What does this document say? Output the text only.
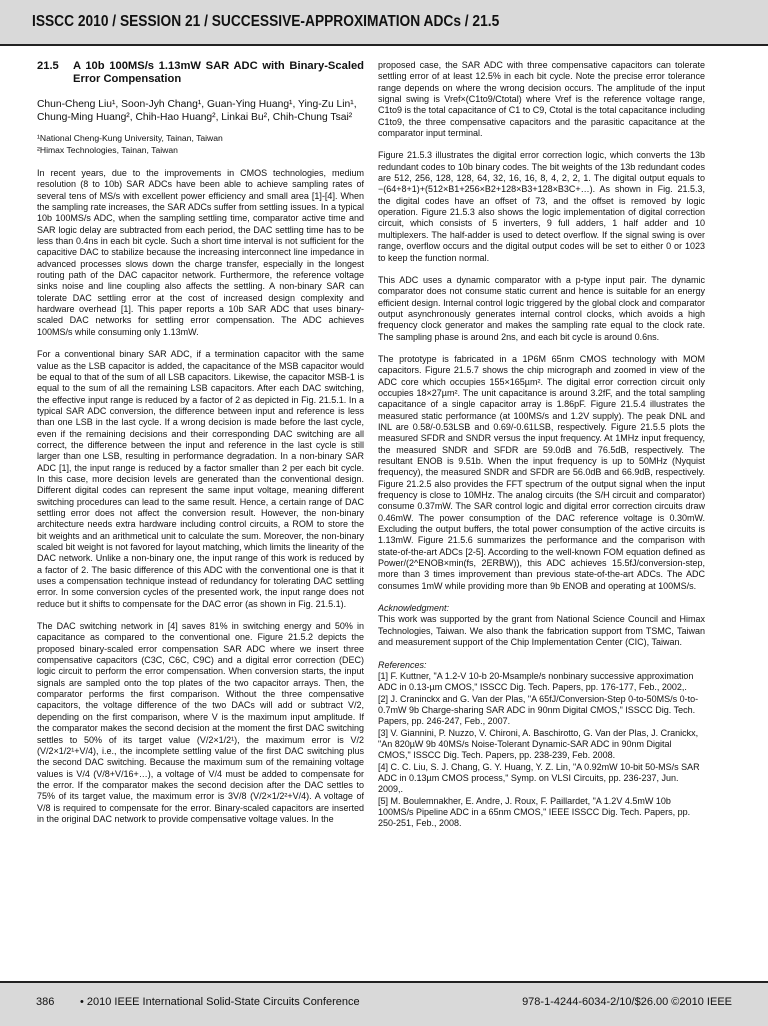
ISSCC 2010 / SESSION 21 / SUCCESSIVE-APPROXIMATION ADCs / 21.5
21.5	A 10b 100MS/s 1.13mW SAR ADC with Binary-Scaled Error Compensation
Chun-Cheng Liu¹, Soon-Jyh Chang¹, Guan-Ying Huang¹, Ying-Zu Lin¹,
Chung-Ming Huang², Chih-Hao Huang², Linkai Bu², Chih-Chung Tsai²
¹National Cheng-Kung University, Tainan, Taiwan
²Himax Technologies, Tainan, Taiwan

In recent years, due to the improvements in CMOS technologies, medium resolution (8 to 10b) SAR ADCs have been able to achieve sampling rates of several tens of MS/s with excellent power efficiency and small area [1]-[4]. When the sampling rate increases, the SAR ADCs suffer from settling issues. In a typical 10b 100MS/s ADC, when the sampling settling time, comparator active time and SAR logic delay are subtracted from each period, the DAC settling time has to be less than 0.4ns in each bit cycle. Such a short time interval is not sufficient for the capacitive DAC to stabilize because the increasing interconnect line impedance in advanced processes slows down the charge transfer, especially in the longest routing path of the DAC capacitor network. Furthermore, the reference voltage sinks noise and line coupling also affects the settling. A non-binary SAR can tolerate DAC settling error at the cost of increased design complexity and hardware overhead [1]. This paper reports a 10b SAR ADC that uses binary-scaled DAC networks for settling error compensation. The ADC achieves 100MS/s while consuming only 1.13mW.

For a conventional binary SAR ADC, if a termination capacitor with the same value as the LSB capacitor is added, the capacitance of the MSB capacitor would be equal to that of the sum of all LSB capacitors. Likewise, the capacitor MSB-1 is equal to the sum of all the remaining LSB capacitors. After each DAC switching, the effective input range is reduced by a factor of 2 as depicted in Fig. 21.5.1. In a typical SAR ADC conversion, the difference between input and reference is less than one LSB in the last cycle. If a wrong decision is made before the last cycle, even if the remaining decisions and their corresponding DAC switching are all correct, the difference between the input and reference in the last cycle is still larger than one LSB, resulting in performance degradation. In a non-binary SAR ADC [1], the input range is reduced by a factor smaller than 2 per each bit cycle. In this case, more decision levels are generated than the conventional design. Different digital codes can represent the same input voltage, meaning different switching procedures can lead to the same result. Hence, a certain range of DAC settling error does not affect the conversion result. However, the non-binary architecture needs extra hardware including control circuits, a ROM to store the bit weights and an arithmetical unit to calculate the sum. Moreover, the non-binary scaled bit weight is not favored for layout matching, which limits the linearity of the DAC network. Unlike a non-binary one, the input range of this work is reduced by a factor of 2. The basic difference of this ADC with the conventional one is that it uses a compensation technique instead of redundancy for tolerating DAC settling error. In some conversion cycles of the presented work, the input range does not reduce but it shifts to compensate for the DAC error (as shown in Fig. 21.5.1).

The DAC switching network in [4] saves 81% in switching energy and 50% in capacitance as compared to the conventional one. Figure 21.5.2 depicts the proposed binary-scaled error compensation SAR ADC where we insert three compensative capacitors (C3C, C6C, C9C) and a digital error correction (DEC) logic circuit to perform the error compensation. When conversion starts, the input signals are sampled onto the top plates of the two capacitor arrays. Then, the comparator performs the first comparison. Without the three compensative capacitors, the voltage difference of the two DACs will add or subtract V/2, depending on the first comparison, where V is the maximum input amplitude. If the comparator makes the second decision at the moment the first DAC switching settles to 50% of its target value (V/2×1/2¹), the maximum error is V/2 (V/2×1/2¹+V/4), i.e., the incomplete settling value of the first DAC switching plus the second DAC switching. Because the maximum sum of the remaining voltage values is V/4 (V/8+V/16+…), a voltage of V/4 must be added to compensate for the error. If the comparator makes the second decision after the DAC settles to 75% of its target value, the maximum error is 3V/8 (V/2×1/2²+V/4). A voltage of V/8 is required to compensate for the error. Binary-scaled capacitors are inserted in the original DAC network to provide compensative voltage values. In the

proposed case, the SAR ADC with three compensative capacitors can tolerate settling error of at least 12.5% in each bit cycle. Note the precise error tolerance range depends on where the wrong decision occurs. The amplitude of the input signal swing is Vref×(C1to9/Ctotal) where Vref is the reference voltage range, C1to9 is the total capacitance of C1 to C9, Ctotal is the total capacitance including C1to9, the three compensative capacitors and the parasitic capacitance at the comparator input terminal.

Figure 21.5.3 illustrates the digital error correction logic, which converts the 13b redundant codes to 10b binary codes. The bit weights of the 13b redundant codes are 512, 256, 128, 128, 64, 32, 16, 16, 8, 4, 2, 2, 1. The digital output equals to −(64+8+1)+(512×B1+256×B2+128×B3+128×B3C+…). As shown in Fig. 21.5.3, the digital codes have an offset of 73, and the offset is removed by logic operation. Figure 21.5.3 also shows the logic implementation of digital correction circuit, which consists of 5 inverters, 9 full adders, 1 half adder and 10 multiplexers. The half-adder is used to detect overflow. If the signal swing is over range, overflow occurs and the digital output codes will be set to either 0 or 1023 to keep the function normal.

This ADC uses a dynamic comparator with a p-type input pair. The dynamic comparator does not consume static current and hence is suitable for an energy efficient design. Internal control logic triggered by the global clock and comparator output asynchronously generates internal control clocks, which avoids a high frequency clock generator and makes the sampling rate equal to the clock rate. The sampling phase is around 2ns, and each bit cycle is around 0.6ns.

The prototype is fabricated in a 1P6M 65nm CMOS technology with MOM capacitors. Figure 21.5.7 shows the chip micrograph and zoomed in view of the ADC core which occupies 155×165µm². The digital error correction circuit only occupies 18×27µm². The unit capacitance is around 3.2fF, and the total sampling capacitance of a single capacitor array is 1.86pF. Figure 21.5.4 illustrates the measured static performance (at 100MS/s and 1.2V supply). The peak DNL and INL are 0.58/-0.53LSB and 0.69/-0.61LSB, respectively. Figure 21.5.5 plots the measured SFDR and SNDR versus the input frequency. At 1MHz input frequency, the measured SNDR and SFDR are 59.0dB and 76.5dB, respectively. The resultant ENOB is 9.51b. When the input frequency is up to 50MHz (Nyquist frequency), the measured SNDR and SFDR are 56.0dB and 66.9dB, respectively. Figure 21.2.5 also provides the FFT spectrum of the output signal when the input frequency is close to 10MHz. The analog circuits (the S/H circuit and comparator) consume 0.37mW. The SAR control logic and digital error correction circuits draw 0.46mW. The power consumption of the DAC reference voltage is 0.30mW. Excluding the output buffers, the total power consumption of the active circuits is 1.13mW. Figure 21.5.6 summarizes the performance and the comparison with state-of-the-art ADCs [2-5]. According to the well-known FOM equation defined as Power/(2^ENOB×min(fs, 2ERBW)), this ADC achieves 15.5fJ/conversion-step, more than 3 times improvement than previous state-of-the-art ADCs. The ADC consumes 1mW while providing more than 9b ENOB and operating at 100MS/s.

Acknowledgment:
This work was supported by the grant from National Science Council and Himax Technologies, Taiwan. We also thank the fabrication support from TSMC, Taiwan and measurement support of the Chip Implementation Center (CIC), Taiwan.
References:
[1] F. Kuttner, "A 1.2-V 10-b 20-Msample/s nonbinary successive approximation ADC in 0.13-µm CMOS," ISSCC Dig. Tech. Papers, pp. 176-177, Feb., 2002,.
[2] J. Craninckx and G. Van der Plas, "A 65fJ/Conversion-Step 0-to-50MS/s 0-to-0.7mW 9b Charge-sharing SAR ADC in 90nm Digital CMOS," ISSCC Dig. Tech. Papers, pp. 246-247, Feb., 2007.
[3] V. Giannini, P. Nuzzo, V. Chironi, A. Baschirotto, G. Van der Plas, J. Cranickx, "An 820µW 9b 40MS/s Noise-Tolerant Dynamic-SAR ADC in 90nm Digital CMOS," ISSCC Dig. Tech. Papers, pp. 238-239, Feb. 2008.
[4] C. C. Liu, S. J. Chang, G. Y. Huang, Y. Z. Lin, "A 0.92mW 10-bit 50-MS/s SAR ADC in 0.13µm CMOS process," Symp. on VLSI Circuits, pp. 236-237, Jun. 2009,.
[5] M. Boulemnakher, E. Andre, J. Roux, F. Paillardet, "A 1.2V 4.5mW 10b 100MS/s Pipeline ADC in a 65nm CMOS," IEEE ISSCC Dig. Tech. Papers, pp. 250-251, Feb., 2008.
386 • 2010 IEEE International Solid-State Circuits Conference	978-1-4244-6034-2/10/$26.00 ©2010 IEEE
